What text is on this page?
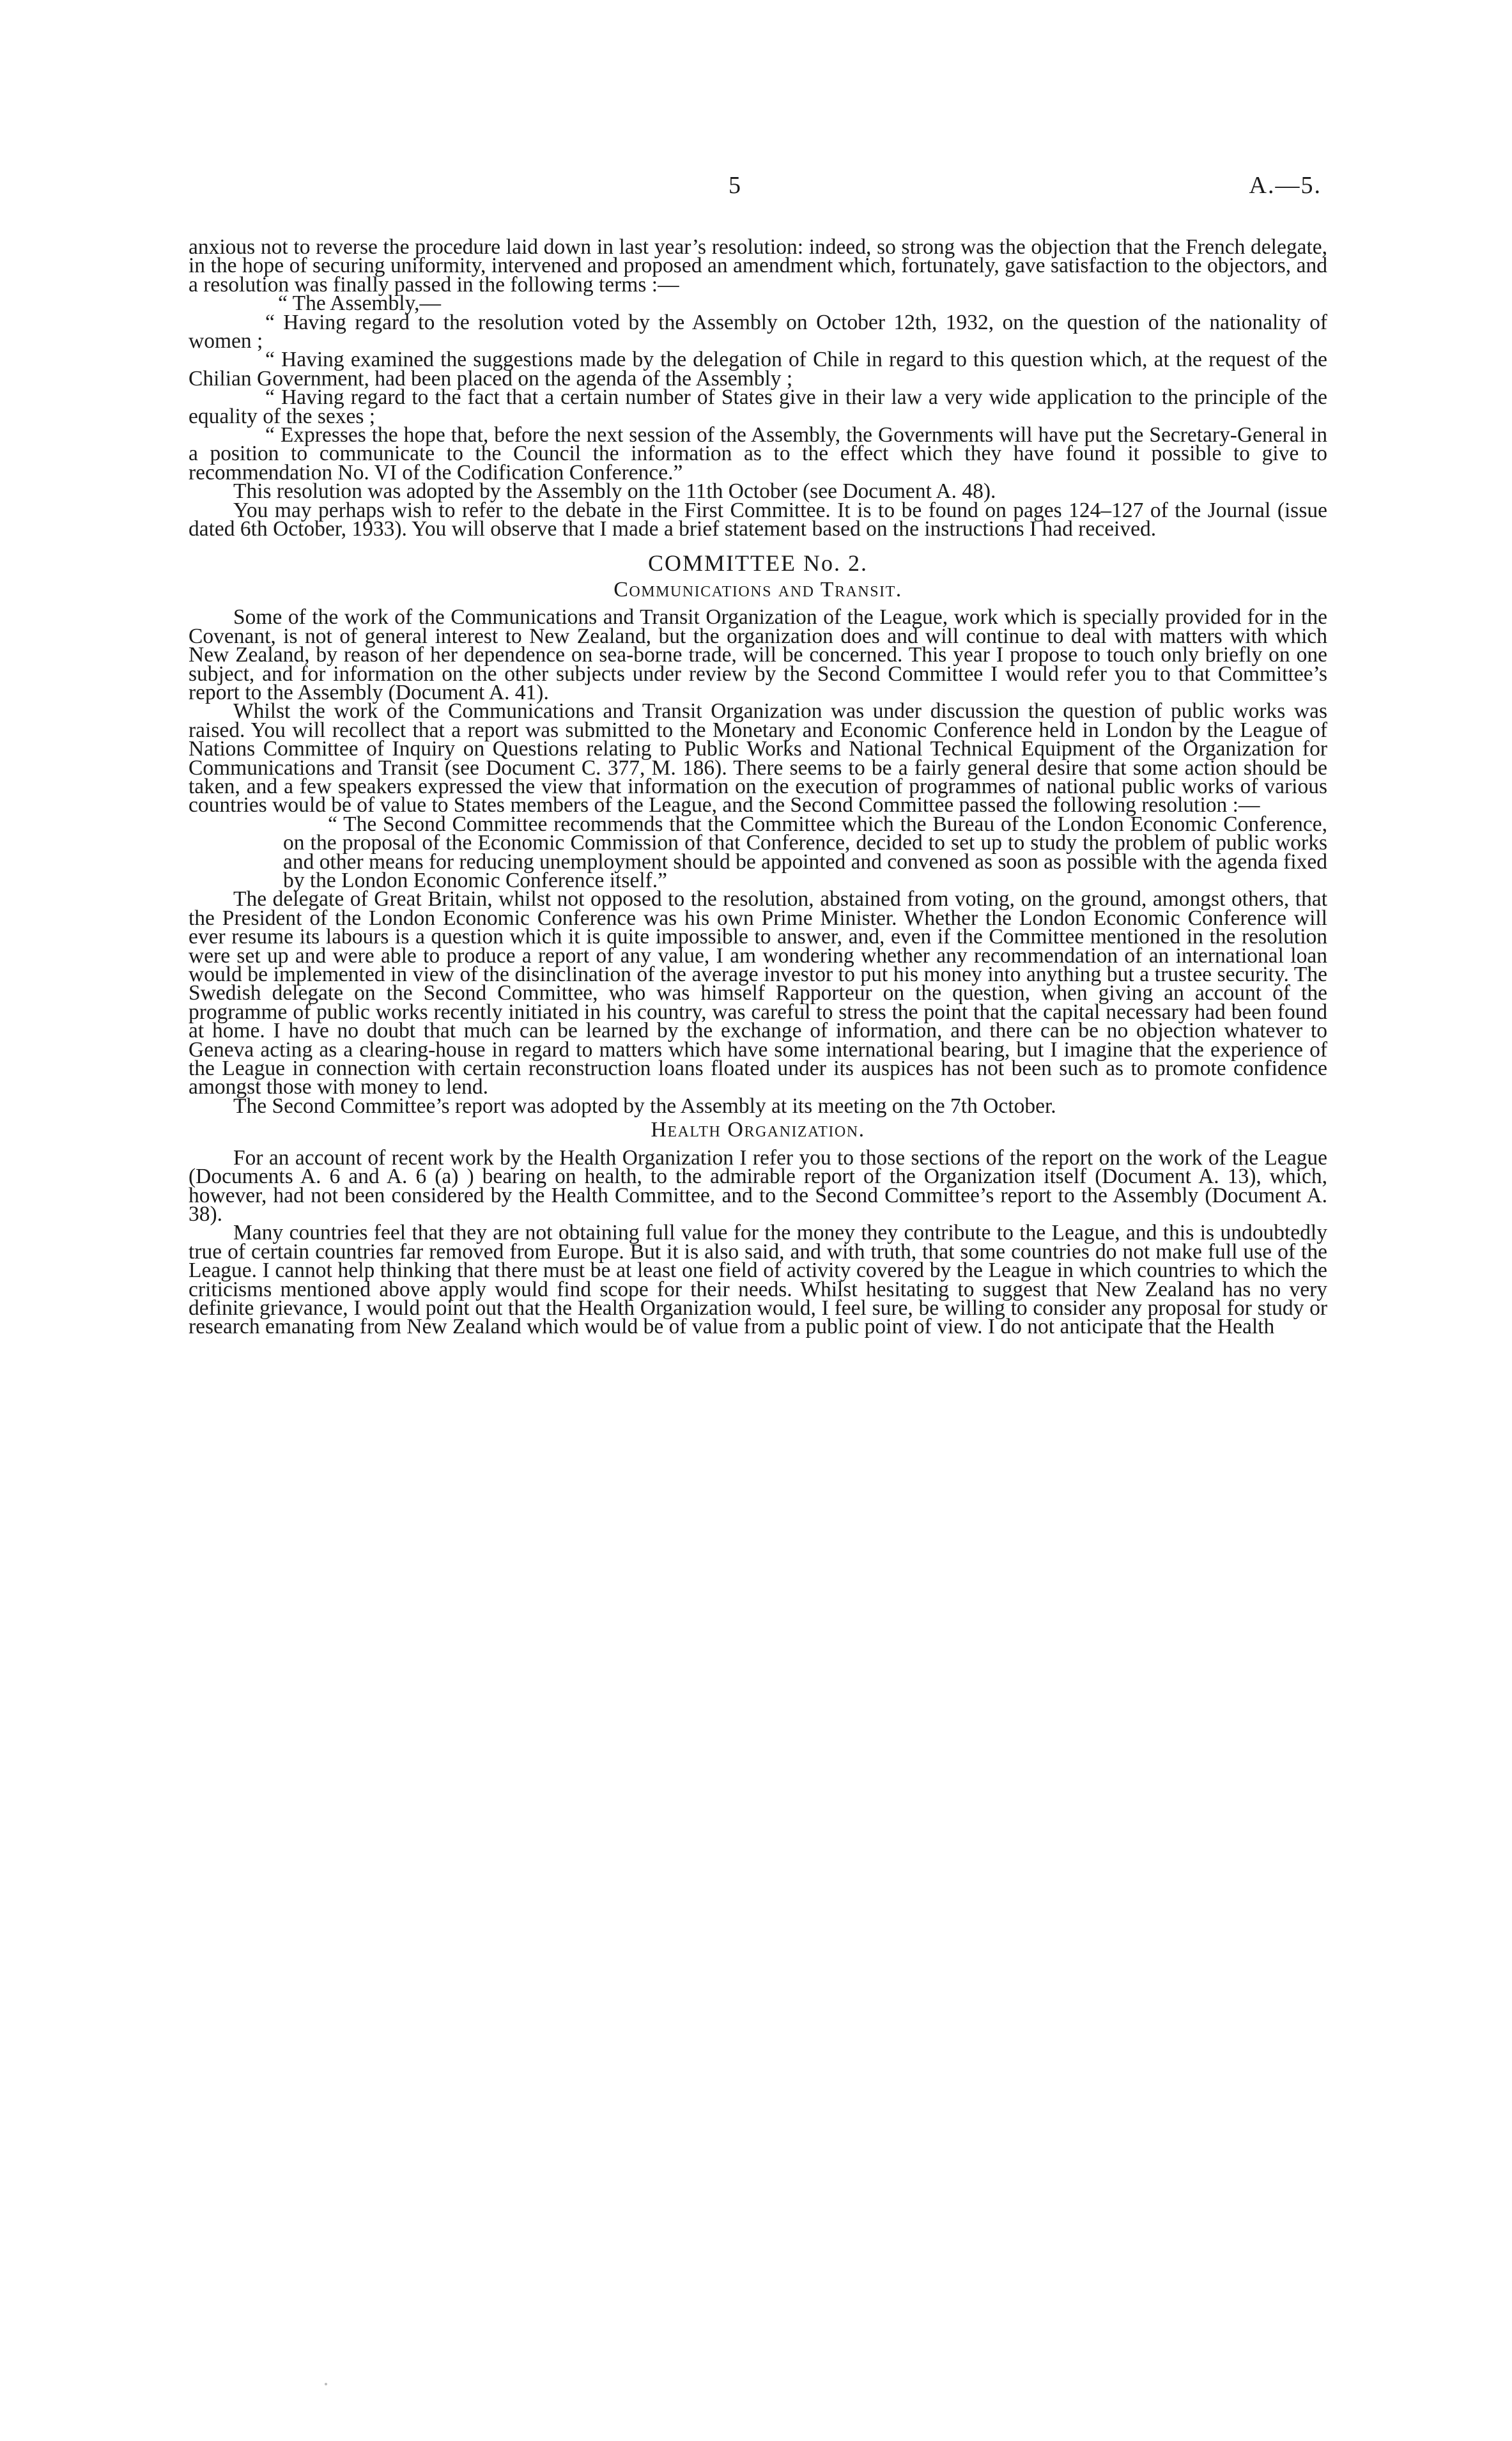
5	A.—5.

anxious not to reverse the procedure laid down in last year’s resolution: indeed, so strong was the objection that the French delegate, in the hope of securing uniformity, intervened and proposed an amendment which, fortunately, gave satisfaction to the objectors, and a resolution was finally passed in the following terms :—

“ The Assembly,—

“ Having regard to the resolution voted by the Assembly on October 12th, 1932, on the question of the nationality of women ;

“ Having examined the suggestions made by the delegation of Chile in regard to this question which, at the request of the Chilian Government, had been placed on the agenda of the Assembly ;

“ Having regard to the fact that a certain number of States give in their law a very wide application to the principle of the equality of the sexes ;

“ Expresses the hope that, before the next session of the Assembly, the Governments will have put the Secretary-General in a position to communicate to the Council the information as to the effect which they have found it possible to give to recommendation No. VI of the Codification Conference.”

This resolution was adopted by the Assembly on the 11th October (see Document A. 48).

You may perhaps wish to refer to the debate in the First Committee. It is to be found on pages 124–127 of the Journal (issue dated 6th October, 1933). You will observe that I made a brief statement based on the instructions I had received.

COMMITTEE No. 2.
Communications and Transit.

Some of the work of the Communications and Transit Organization of the League, work which is specially provided for in the Covenant, is not of general interest to New Zealand, but the organization does and will continue to deal with matters with which New Zealand, by reason of her dependence on sea-borne trade, will be concerned. This year I propose to touch only briefly on one subject, and for information on the other subjects under review by the Second Committee I would refer you to that Committee’s report to the Assembly (Document A. 41).

Whilst the work of the Communications and Transit Organization was under discussion the question of public works was raised. You will recollect that a report was submitted to the Monetary and Economic Conference held in London by the League of Nations Committee of Inquiry on Questions relating to Public Works and National Technical Equipment of the Organization for Communications and Transit (see Document C. 377, M. 186). There seems to be a fairly general desire that some action should be taken, and a few speakers expressed the view that information on the execution of programmes of national public works of various countries would be of value to States members of the League, and the Second Committee passed the following resolution :—

“ The Second Committee recommends that the Committee which the Bureau of the London Economic Conference, on the proposal of the Economic Commission of that Conference, decided to set up to study the problem of public works and other means for reducing unemployment should be appointed and convened as soon as possible with the agenda fixed by the London Economic Conference itself.”

The delegate of Great Britain, whilst not opposed to the resolution, abstained from voting, on the ground, amongst others, that the President of the London Economic Conference was his own Prime Minister. Whether the London Economic Conference will ever resume its labours is a question which it is quite impossible to answer, and, even if the Committee mentioned in the resolution were set up and were able to produce a report of any value, I am wondering whether any recommendation of an international loan would be implemented in view of the disinclination of the average investor to put his money into anything but a trustee security. The Swedish delegate on the Second Committee, who was himself Rapporteur on the question, when giving an account of the programme of public works recently initiated in his country, was careful to stress the point that the capital necessary had been found at home. I have no doubt that much can be learned by the exchange of information, and there can be no objection whatever to Geneva acting as a clearing-house in regard to matters which have some international bearing, but I imagine that the experience of the League in connection with certain reconstruction loans floated under its auspices has not been such as to promote confidence amongst those with money to lend.

The Second Committee’s report was adopted by the Assembly at its meeting on the 7th October.

Health Organization.

For an account of recent work by the Health Organization I refer you to those sections of the report on the work of the League (Documents A. 6 and A. 6 (a) ) bearing on health, to the admirable report of the Organization itself (Document A. 13), which, however, had not been considered by the Health Committee, and to the Second Committee’s report to the Assembly (Document A. 38).

Many countries feel that they are not obtaining full value for the money they contribute to the League, and this is undoubtedly true of certain countries far removed from Europe. But it is also said, and with truth, that some countries do not make full use of the League. I cannot help thinking that there must be at least one field of activity covered by the League in which countries to which the criticisms mentioned above apply would find scope for their needs. Whilst hesitating to suggest that New Zealand has no very definite grievance, I would point out that the Health Organization would, I feel sure, be willing to consider any proposal for study or research emanating from New Zealand which would be of value from a public point of view. I do not anticipate that the Health
